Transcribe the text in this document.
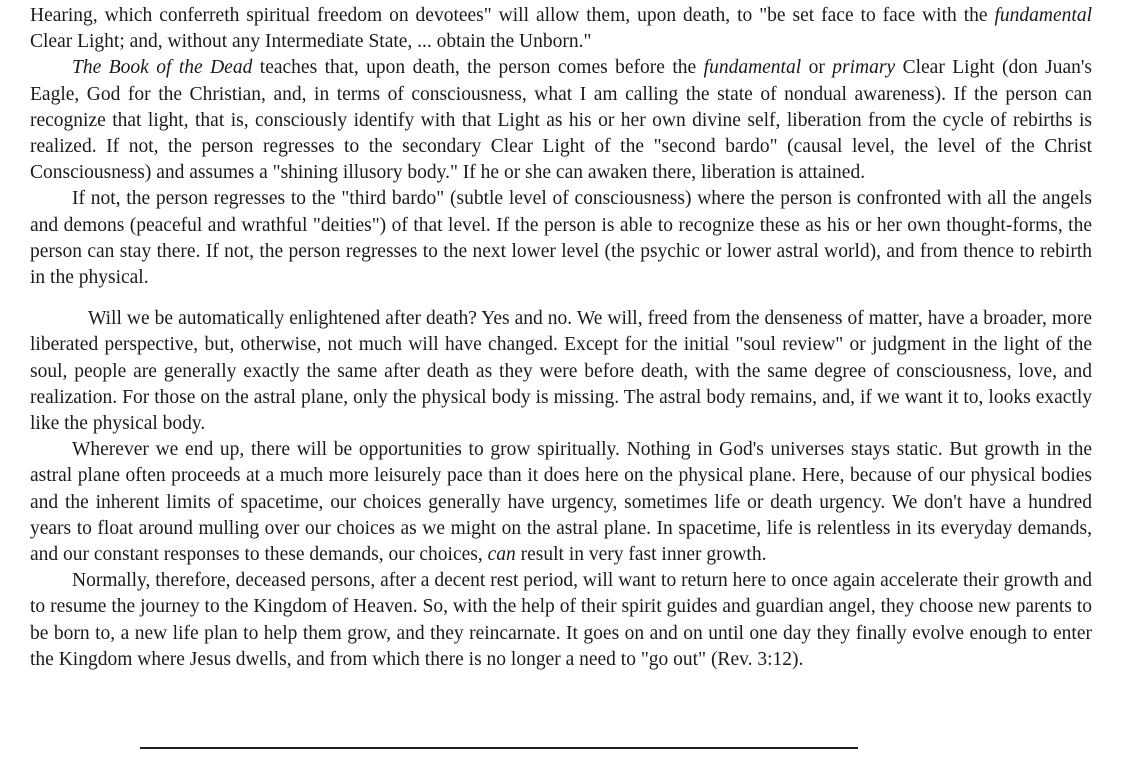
Hearing, which conferreth spiritual freedom on devotees" will allow them, upon death, to "be set face to face with the fundamental Clear Light; and, without any Intermediate State, ... obtain the Unborn."

The Book of the Dead teaches that, upon death, the person comes before the fundamental or primary Clear Light (don Juan's Eagle, God for the Christian, and, in terms of consciousness, what I am calling the state of nondual awareness). If the person can recognize that light, that is, consciously identify with that Light as his or her own divine self, liberation from the cycle of rebirths is realized. If not, the person regresses to the secondary Clear Light of the "second bardo" (causal level, the level of the Christ Consciousness) and assumes a "shining illusory body." If he or she can awaken there, liberation is attained.

If not, the person regresses to the "third bardo" (subtle level of consciousness) where the person is confronted with all the angels and demons (peaceful and wrathful "deities") of that level. If the person is able to recognize these as his or her own thought-forms, the person can stay there. If not, the person regresses to the next lower level (the psychic or lower astral world), and from thence to rebirth in the physical.

Will we be automatically enlightened after death? Yes and no. We will, freed from the denseness of matter, have a broader, more liberated perspective, but, otherwise, not much will have changed. Except for the initial "soul review" or judgment in the light of the soul, people are generally exactly the same after death as they were before death, with the same degree of consciousness, love, and realization. For those on the astral plane, only the physical body is missing. The astral body remains, and, if we want it to, looks exactly like the physical body.

Wherever we end up, there will be opportunities to grow spiritually. Nothing in God's universes stays static. But growth in the astral plane often proceeds at a much more leisurely pace than it does here on the physical plane. Here, because of our physical bodies and the inherent limits of spacetime, our choices generally have urgency, sometimes life or death urgency. We don't have a hundred years to float around mulling over our choices as we might on the astral plane. In spacetime, life is relentless in its everyday demands, and our constant responses to these demands, our choices, can result in very fast inner growth.

Normally, therefore, deceased persons, after a decent rest period, will want to return here to once again accelerate their growth and to resume the journey to the Kingdom of Heaven. So, with the help of their spirit guides and guardian angel, they choose new parents to be born to, a new life plan to help them grow, and they reincarnate. It goes on and on until one day they finally evolve enough to enter the Kingdom where Jesus dwells, and from which there is no longer a need to "go out" (Rev. 3:12).
